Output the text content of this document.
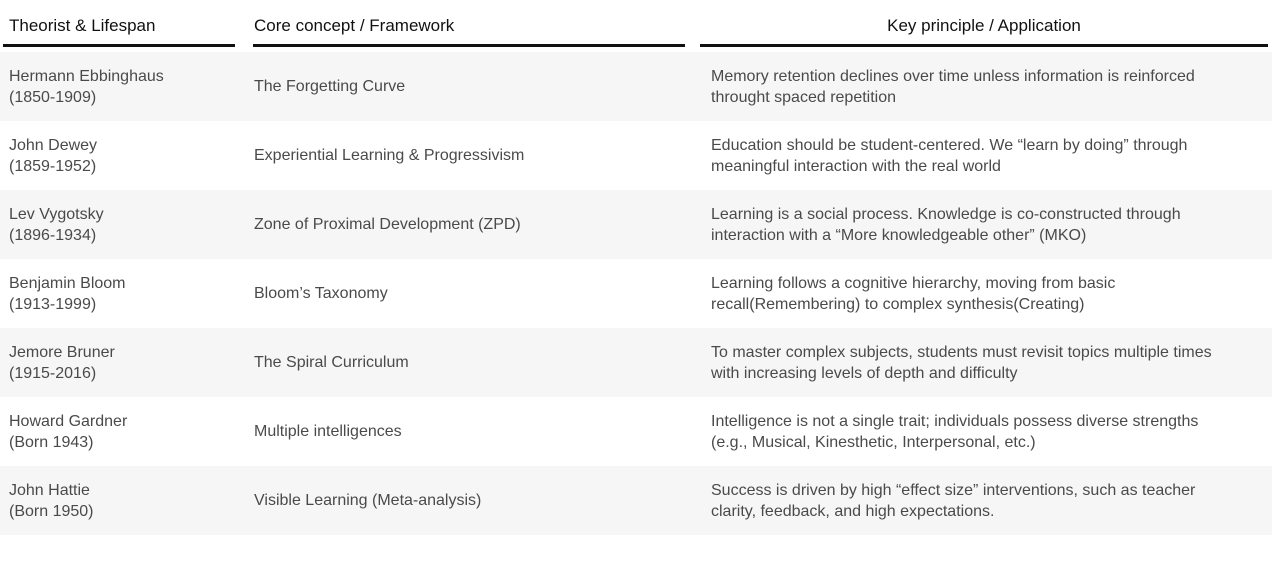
Theorist & Lifespan	Core concept / Framework	Key principle / Application
Hermann Ebbinghaus
(1850-1909)
The Forgetting Curve
Memory retention declines over time unless information is reinforced
throught spaced repetition
John Dewey
(1859-1952)
Experiential Learning & Progressivism
Education should be student-centered. We “learn by doing” through
meaningful interaction with the real world
Lev Vygotsky
(1896-1934)
Zone of Proximal Development (ZPD)
Learning is a social process. Knowledge is co-constructed through
interaction with a “More knowledgeable other” (MKO)
Benjamin Bloom
(1913-1999)
Bloom’s Taxonomy
Learning follows a cognitive hierarchy, moving from basic
recall(Remembering) to complex synthesis(Creating)
Jemore Bruner
(1915-2016)
The Spiral Curriculum
To master complex subjects, students must revisit topics multiple times
with increasing levels of depth and difficulty
Howard Gardner
(Born 1943)
Multiple intelligences
Intelligence is not a single trait; individuals possess diverse strengths
(e.g., Musical, Kinesthetic, Interpersonal, etc.)
John Hattie
(Born 1950)
Visible Learning (Meta-analysis)
Success is driven by high “effect size” interventions, such as teacher
clarity, feedback, and high expectations.
